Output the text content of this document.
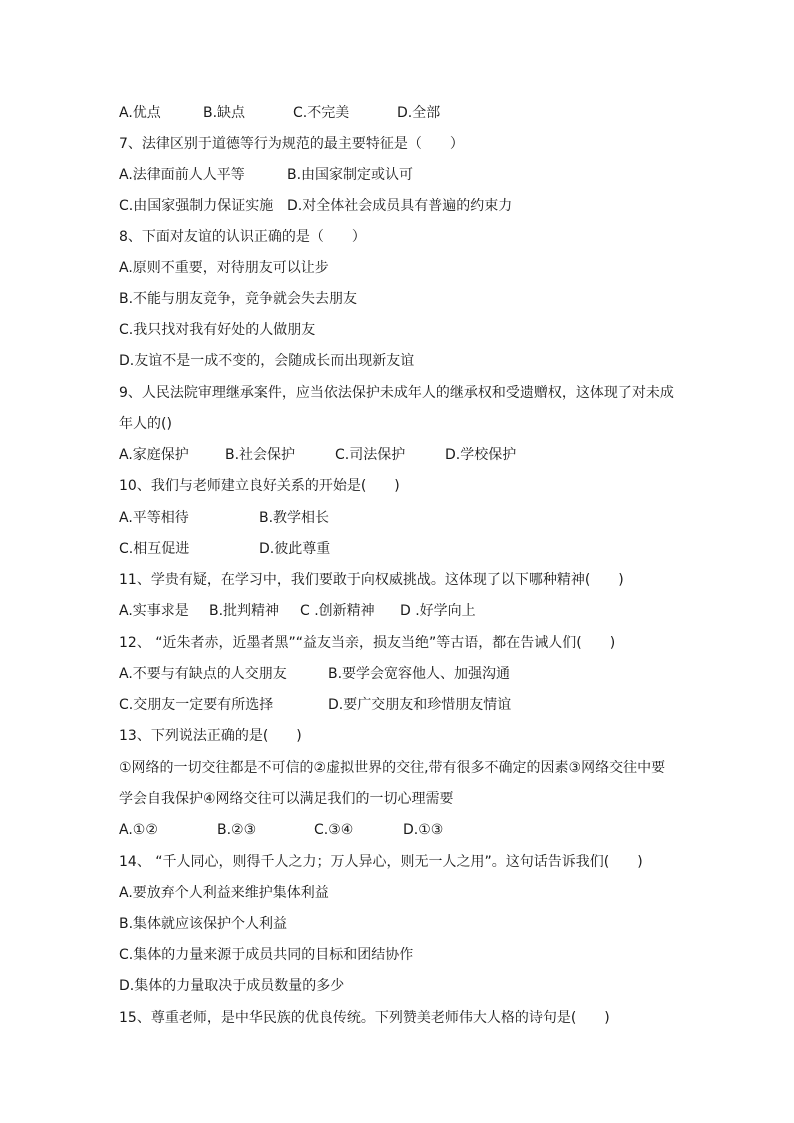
A.优点	B.缺点	C.不完美	D.全部
7、法律区别于道德等行为规范的最主要特征是（　　）
A.法律面前人人平等	B.由国家制定或认可
C.由国家强制力保证实施 D.对全体社会成员具有普遍的约束力
8、下面对友谊的认识正确的是（　　）
A.原则不重要，对待朋友可以让步
B.不能与朋友竞争，竞争就会失去朋友
C.我只找对我有好处的人做朋友
D.友谊不是一成不变的，会随成长而出现新友谊
9、人民法院审理继承案件，应当依法保护未成年人的继承权和受遗赠权，这体现了对未成
年人的()
A.家庭保护	B.社会保护	C.司法保护	D.学校保护
10、我们与老师建立良好关系的开始是(　　)
A.平等相待	B.教学相长
C.相互促进	D.彼此尊重
11、学贵有疑，在学习中，我们要敢于向权威挑战。这体现了以下哪种精神(　　)
A.实事求是 B.批判精神 C .创新精神 D .好学向上
12、 “近朱者赤，近墨者黑”“益友当亲，损友当绝”等古语，都在告诫人们(　　)
A.不要与有缺点的人交朋友	B.要学会宽容他人、加强沟通
C.交朋友一定要有所选择	D.要广交朋友和珍惜朋友情谊
13、下列说法正确的是(　　)
①网络的一切交往都是不可信的②虚拟世界的交往,带有很多不确定的因素③网络交往中要
学会自我保护④网络交往可以满足我们的一切心理需要
A.①②	B.②③	C.③④	D.①③
14、 “千人同心，则得千人之力；万人异心，则无一人之用”。这句话告诉我们(　　)
A.要放弃个人利益来维护集体利益
B.集体就应该保护个人利益
C.集体的力量来源于成员共同的目标和团结协作
D.集体的力量取决于成员数量的多少
15、尊重老师，是中华民族的优良传统。下列赞美老师伟大人格的诗句是(　　)
